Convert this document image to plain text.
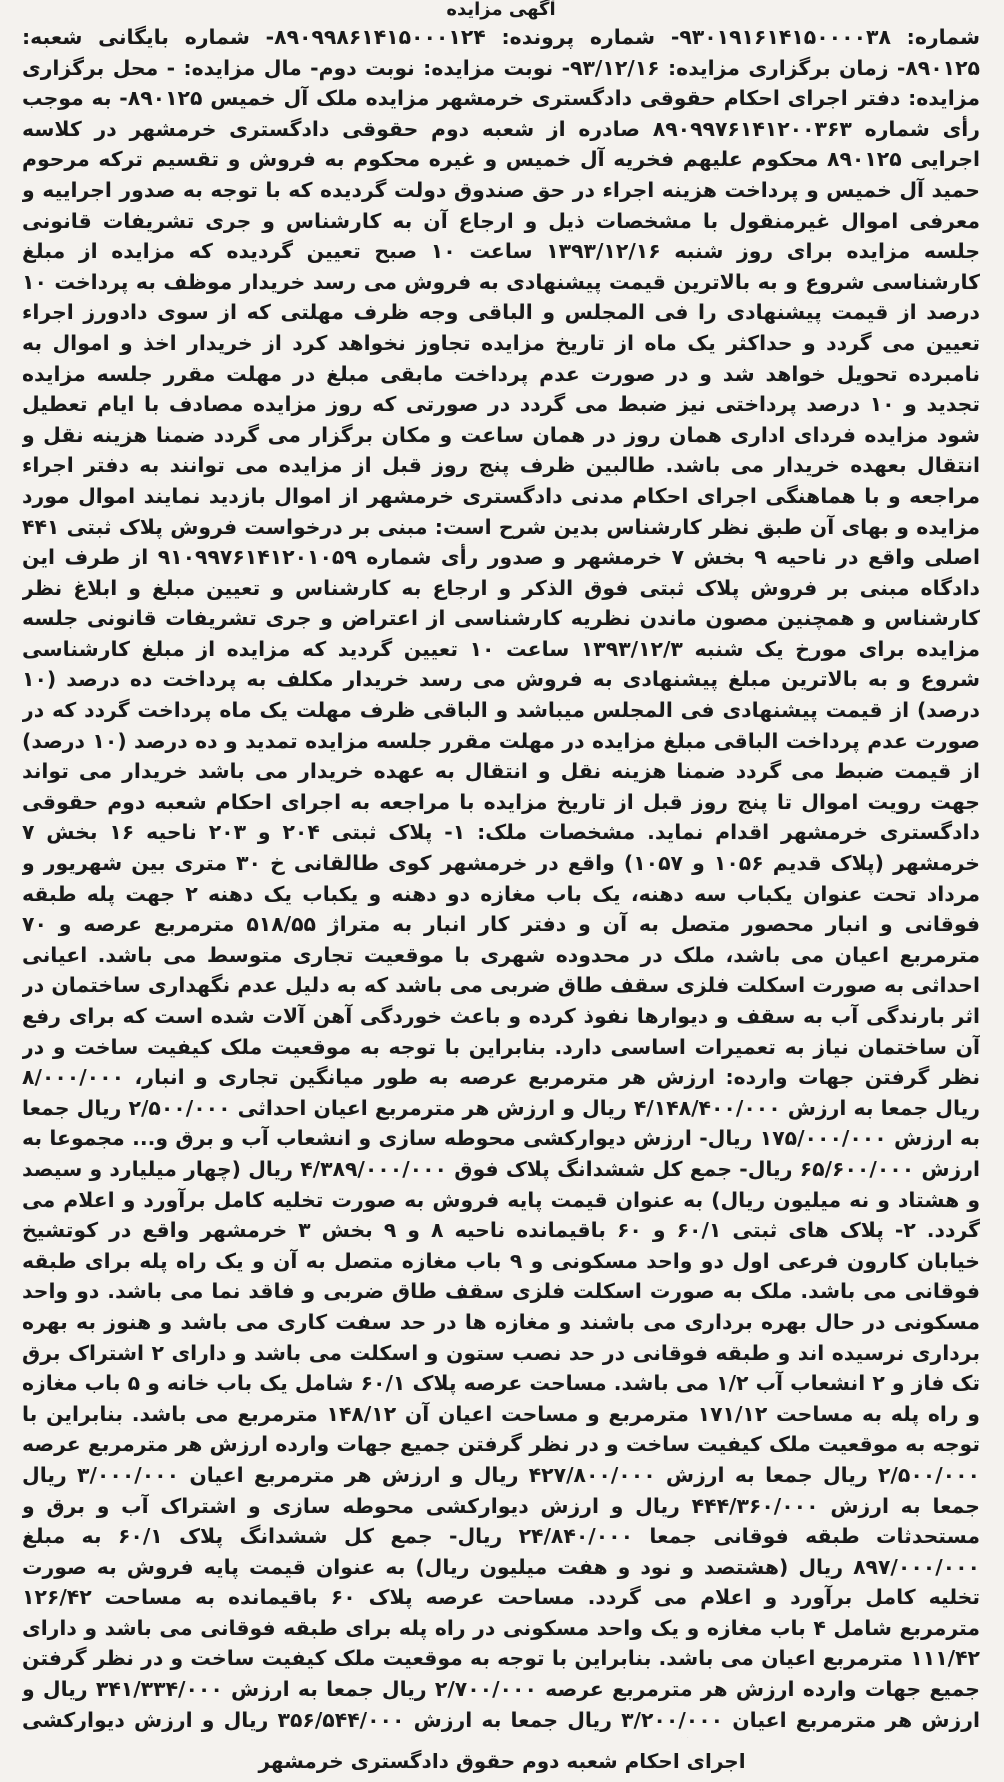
آگهی مزایده

شماره: ۹۳۰۱۹۱۶۱۴۱۵۰۰۰۰۳۸- شماره پرونده: ۸۹۰۹۹۸۶۱۴۱۵۰۰۰۱۲۴- شماره بایگانی شعبه: ۸۹۰۱۲۵- زمان برگزاری مزایده: ۹۳/۱۲/۱۶- نوبت مزایده: نوبت دوم- مال مزایده: - محل برگزاری مزایده: دفتر اجرای احکام حقوقی دادگستری خرمشهر مزایده ملک آل خمیس ۸۹۰۱۲۵- به موجب رأی شماره ۸۹۰۹۹۷۶۱۴۱۲۰۰۳۶۳ صادره از شعبه دوم حقوقی دادگستری خرمشهر در کلاسه اجرایی ۸۹۰۱۲۵ محکوم علیهم فخریه آل خمیس و غیره محکوم به فروش و تقسیم ترکه مرحوم حمید آل خمیس و پرداخت هزینه اجراء در حق صندوق دولت گردیده که با توجه به صدور اجراییه و معرفی اموال غیرمنقول با مشخصات ذیل و ارجاع آن به کارشناس و جری تشریفات قانونی جلسه مزایده برای روز شنبه ۱۳۹۳/۱۲/۱۶ ساعت ۱۰ صبح تعیین گردیده که مزایده از مبلغ کارشناسی شروع و به بالاترین قیمت پیشنهادی به فروش می رسد خریدار موظف به پرداخت ۱۰ درصد از قیمت پیشنهادی را فی المجلس و الباقی وجه ظرف مهلتی که از سوی دادورز اجراء تعیین می گردد و حداکثر یک ماه از تاریخ مزایده تجاوز نخواهد کرد از خریدار اخذ و اموال به نامبرده تحویل خواهد شد و در صورت عدم پرداخت مابقی مبلغ در مهلت مقرر جلسه مزایده تجدید و ۱۰ درصد پرداختی نیز ضبط می گردد در صورتی که روز مزایده مصادف با ایام تعطیل شود مزایده فردای اداری همان روز در همان ساعت و مکان برگزار می گردد ضمنا هزینه نقل و انتقال بعهده خریدار می باشد. طالبین ظرف پنج روز قبل از مزایده می توانند به دفتر اجراء مراجعه و با هماهنگی اجرای احکام مدنی دادگستری خرمشهر از اموال بازدید نمایند اموال مورد مزایده و بهای آن طبق نظر کارشناس بدین شرح است: مبنی بر درخواست فروش پلاک ثبتی ۴۴۱ اصلی واقع در ناحیه ۹ بخش ۷ خرمشهر و صدور رأی شماره ۹۱۰۹۹۷۶۱۴۱۲۰۱۰۵۹ از طرف این دادگاه مبنی بر فروش پلاک ثبتی فوق الذکر و ارجاع به کارشناس و تعیین مبلغ و ابلاغ نظر کارشناس و همچنین مصون ماندن نظریه کارشناسی از اعتراض و جری تشریفات قانونی جلسه مزایده برای مورخ یک شنبه ۱۳۹۳/۱۲/۳ ساعت ۱۰ تعیین گردید که مزایده از مبلغ کارشناسی شروع و به بالاترین مبلغ پیشنهادی به فروش می رسد خریدار مکلف به پرداخت ده درصد (۱۰ درصد) از قیمت پیشنهادی فی المجلس میباشد و الباقی ظرف مهلت یک ماه پرداخت گردد که در صورت عدم پرداخت الباقی مبلغ مزایده در مهلت مقرر جلسه مزایده تمدید و ده درصد (۱۰ درصد) از قیمت ضبط می گردد ضمنا هزینه نقل و انتقال به عهده خریدار می باشد خریدار می تواند جهت رویت اموال تا پنج روز قبل از تاریخ مزایده با مراجعه به اجرای احکام شعبه دوم حقوقی دادگستری خرمشهر اقدام نماید. مشخصات ملک: ۱- پلاک ثبتی ۲۰۴ و ۲۰۳ ناحیه ۱۶ بخش ۷ خرمشهر (پلاک قدیم ۱۰۵۶ و ۱۰۵۷) واقع در خرمشهر کوی طالقانی خ ۳۰ متری بین شهریور و مرداد تحت عنوان یکباب سه دهنه، یک باب مغازه دو دهنه و یکباب یک دهنه ۲ جهت پله طبقه فوقانی و انبار محصور متصل به آن و دفتر کار انبار به متراژ ۵۱۸/۵۵ مترمربع عرصه و ۷۰ مترمربع اعیان می باشد، ملک در محدوده شهری با موقعیت تجاری متوسط می باشد. اعیانی احداثی به صورت اسکلت فلزی سقف طاق ضربی می باشد که به دلیل عدم نگهداری ساختمان در اثر بارندگی آب به سقف و دیوارها نفوذ کرده و باعث خوردگی آهن آلات شده است که برای رفع آن ساختمان نیاز به تعمیرات اساسی دارد. بنابراین با توجه به موقعیت ملک کیفیت ساخت و در نظر گرفتن جهات وارده: ارزش هر مترمربع عرصه به طور میانگین تجاری و انبار، ۸/۰۰۰/۰۰۰ ریال جمعا به ارزش ۴/۱۴۸/۴۰۰/۰۰۰ ریال و ارزش هر مترمربع اعیان احداثی ۲/۵۰۰/۰۰۰ ریال جمعا به ارزش ۱۷۵/۰۰۰/۰۰۰ ریال- ارزش دیوارکشی محوطه سازی و انشعاب آب و برق و... مجموعا به ارزش ۶۵/۶۰۰/۰۰۰ ریال- جمع کل ششدانگ پلاک فوق ۴/۳۸۹/۰۰۰/۰۰۰ ریال (چهار میلیارد و سیصد و هشتاد و نه میلیون ریال) به عنوان قیمت پایه فروش به صورت تخلیه کامل برآورد و اعلام می گردد. ۲- پلاک های ثبتی ۶۰/۱ و ۶۰ باقیمانده ناحیه ۸ و ۹ بخش ۳ خرمشهر واقع در کوتشیخ خیابان کارون فرعی اول دو واحد مسکونی و ۹ باب مغازه متصل به آن و یک راه پله برای طبقه فوقانی می باشد. ملک به صورت اسکلت فلزی سقف طاق ضربی و فاقد نما می باشد. دو واحد مسکونی در حال بهره برداری می باشند و مغازه ها در حد سفت کاری می باشد و هنوز به بهره برداری نرسیده اند و طبقه فوقانی در حد نصب ستون و اسکلت می باشد و دارای ۲ اشتراک برق تک فاز و ۲ انشعاب آب ۱/۲ می باشد. مساحت عرصه پلاک ۶۰/۱ شامل یک باب خانه و ۵ باب مغازه و راه پله به مساحت ۱۷۱/۱۲ مترمربع و مساحت اعیان آن ۱۴۸/۱۲ مترمربع می باشد. بنابراین با توجه به موقعیت ملک کیفیت ساخت و در نظر گرفتن جمیع جهات وارده ارزش هر مترمربع عرصه ۲/۵۰۰/۰۰۰ ریال جمعا به ارزش ۴۲۷/۸۰۰/۰۰۰ ریال و ارزش هر مترمربع اعیان ۳/۰۰۰/۰۰۰ ریال جمعا به ارزش ۴۴۴/۳۶۰/۰۰۰ ریال و ارزش دیوارکشی محوطه سازی و اشتراک آب و برق و مستحدثات طبقه فوقانی جمعا ۲۴/۸۴۰/۰۰۰ ریال- جمع کل ششدانگ پلاک ۶۰/۱ به مبلغ ۸۹۷/۰۰۰/۰۰۰ ریال (هشتصد و نود و هفت میلیون ریال) به عنوان قیمت پایه فروش به صورت تخلیه کامل برآورد و اعلام می گردد. مساحت عرصه پلاک ۶۰ باقیمانده به مساحت ۱۲۶/۴۲ مترمربع شامل ۴ باب مغازه و یک واحد مسکونی در راه پله برای طبقه فوقانی می باشد و دارای ۱۱۱/۴۲ مترمربع اعیان می باشد. بنابراین با توجه به موقعیت ملک کیفیت ساخت و در نظر گرفتن جمیع جهات وارده ارزش هر مترمربع عرصه ۲/۷۰۰/۰۰۰ ریال جمعا به ارزش ۳۴۱/۳۳۴/۰۰۰ ریال و ارزش هر مترمربع اعیان ۳/۲۰۰/۰۰۰ ریال جمعا به ارزش ۳۵۶/۵۴۴/۰۰۰ ریال و ارزش دیوارکشی

اجرای احکام شعبه دوم حقوق دادگستری خرمشهر
